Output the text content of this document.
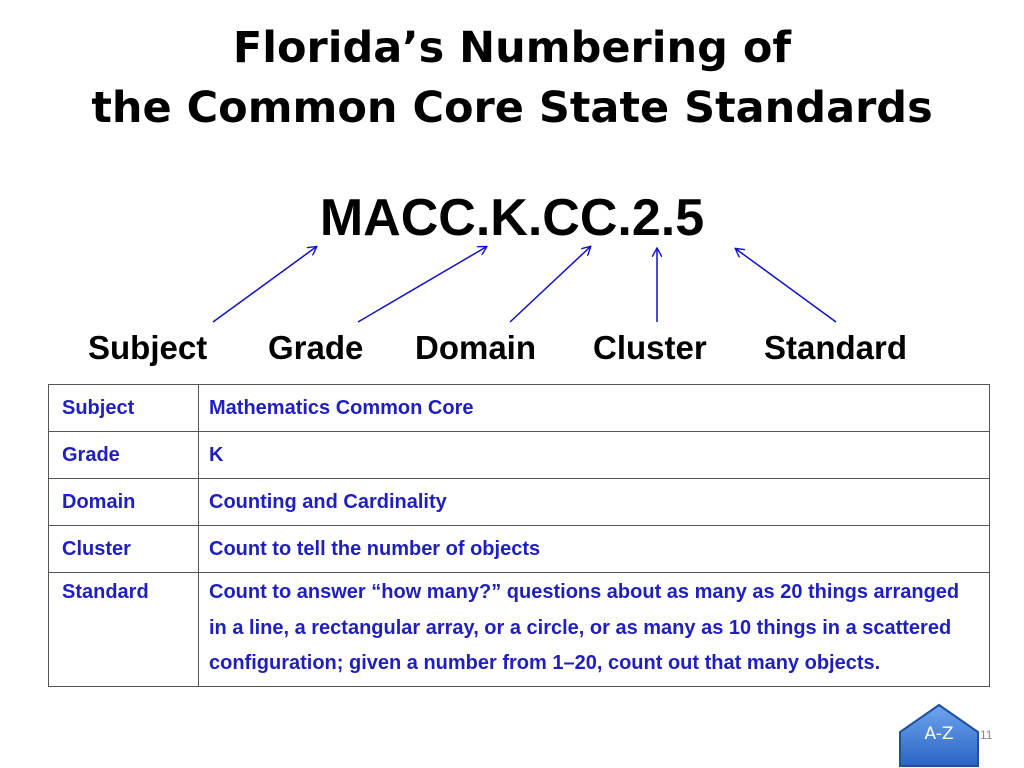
Florida’s Numbering of
the Common Core State Standards
MACC.K.CC.2.5
Subject Grade Domain Cluster Standard
Subject	Mathematics Common Core
Grade	K
Domain	Counting and Cardinality
Cluster	Count to tell the number of objects
Standard	Count to answer “how many?” questions about as many as 20 things arranged in a line, a rectangular array, or a circle, or as many as 10 things in a scattered configuration; given a number from 1–20, count out that many objects.
A-Z	11
